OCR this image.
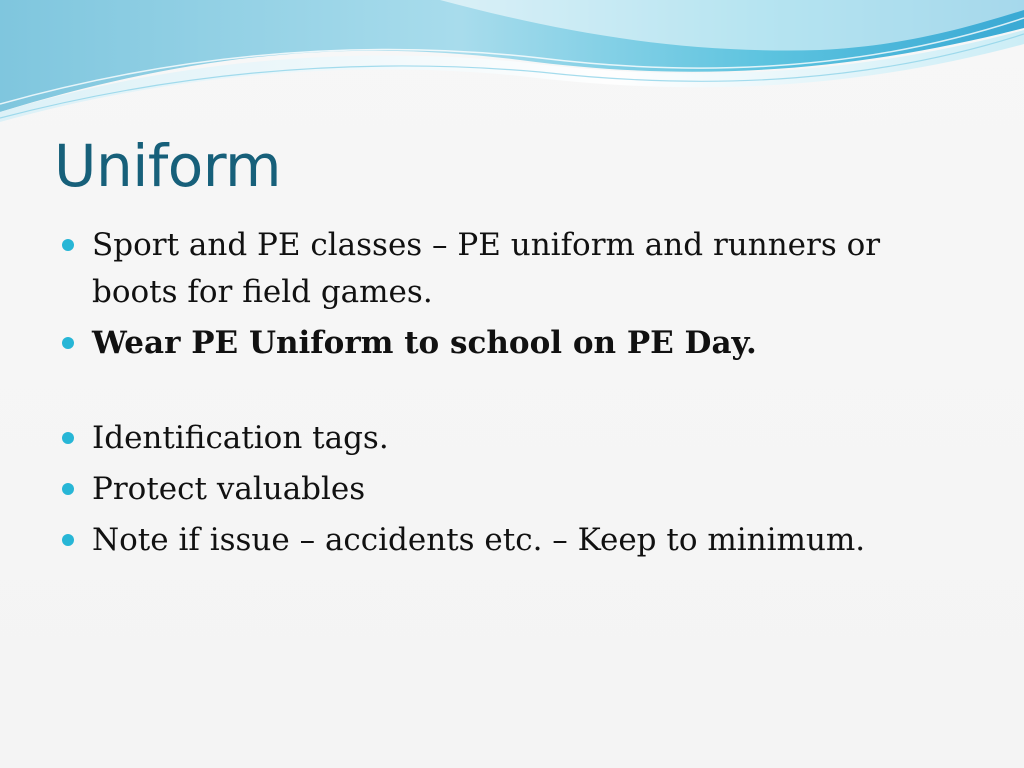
Uniform
Sport and PE classes – PE uniform and runners or boots for field games.
Wear PE Uniform to school on PE Day.
Identification tags.
Protect valuables
Note if issue – accidents etc. – Keep to minimum.
